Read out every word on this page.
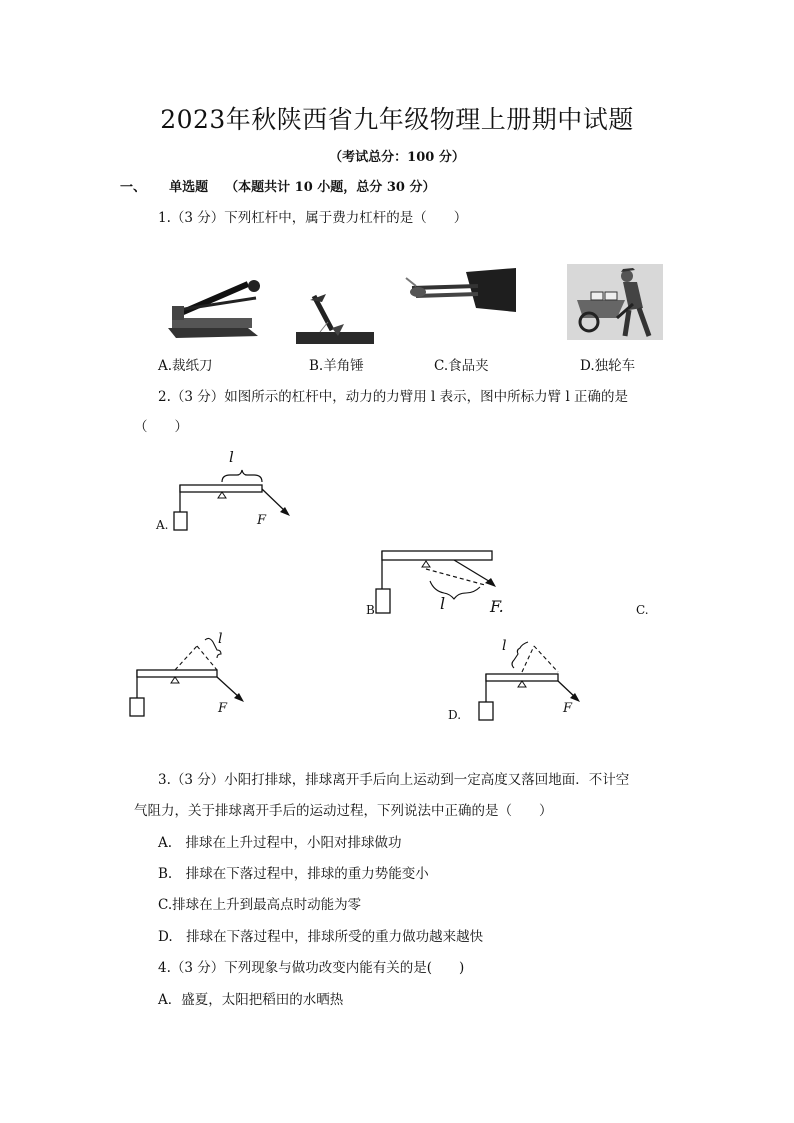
2023年秋陕西省九年级物理上册期中试题
（考试总分：100 分）
一、 单选题 （本题共计 10 小题，总分 30 分）
1.（3 分）下列杠杆中，属于费力杠杆的是（　　）
A.裁纸刀	B.羊角锤	C.食品夹	D.独轮车
2.（3 分）如图所示的杠杆中，动力的力臂用 l 表示，图中所标力臂 l 正确的是
（　　）
l
F
A.
l	F.
B	C.
l
F
l
F
D.
3.（3 分）小阳打排球，排球离开手后向上运动到一定高度又落回地面．不计空
气阻力，关于排球离开手后的运动过程，下列说法中正确的是（　　）
A.　排球在上升过程中，小阳对排球做功
B.　排球在下落过程中，排球的重力势能变小
C.排球在上升到最高点时动能为零
D.　排球在下落过程中，排球所受的重力做功越来越快
4.（3 分）下列现象与做功改变内能有关的是(　　)
A．盛夏，太阳把稻田的水晒热
